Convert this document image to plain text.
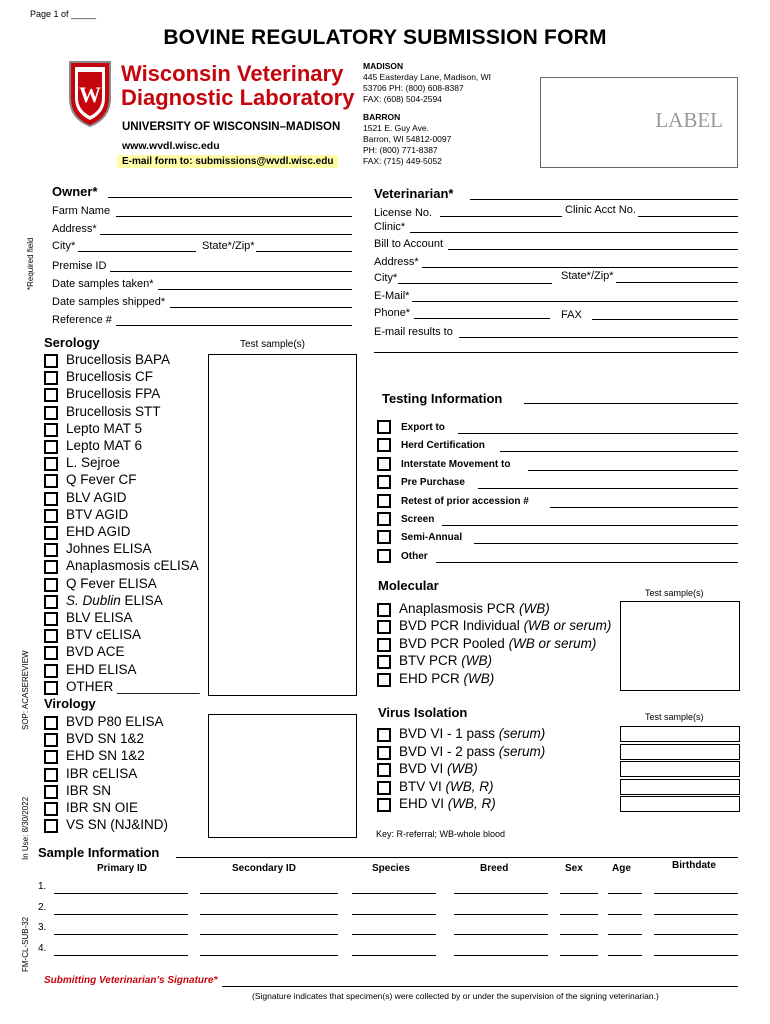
Page 1 of _____
BOVINE REGULATORY SUBMISSION FORM
W
Wisconsin Veterinary
Diagnostic Laboratory
UNIVERSITY OF WISCONSIN–MADISON
www.wvdl.wisc.edu
E-mail form to: submissions@wvdl.wisc.edu
MADISON
445 Easterday Lane, Madison, WI
53706 PH: (800) 608-8387
FAX: (608) 504-2594
BARRON
1521 E. Guy Ave.
Barron, WI 54812-0097
PH: (800) 771-8387
FAX: (715) 449-5052
LABEL
*Required field
SOP: ACASEREVIEW
In Use: 8/30/2022
FM-CL-SUB-32
Owner*
Farm Name
Address*
City*	State*/Zip*
Premise ID
Date samples taken*
Date samples shipped*
Reference #
Veterinarian*
License No.	Clinic Acct No.
Clinic*
Bill to Account
Address*
City*	State*/Zip*
E-Mail*
Phone*	FAX
E-mail results to
Serology	Test sample(s)
Brucellosis BAPA
Brucellosis CF
Brucellosis FPA
Brucellosis STT
Lepto MAT 5
Lepto MAT 6
L. Sejroe
Q Fever CF
BLV AGID
BTV AGID
EHD AGID
Johnes ELISA
Anaplasmosis cELISA
Q Fever ELISA
S. Dublin ELISA
BLV ELISA
BTV cELISA
BVD ACE
EHD ELISA
OTHER ___________
Virology
BVD P80 ELISA
BVD SN 1&2
EHD SN 1&2
IBR cELISA
IBR SN
IBR SN OIE
VS SN (NJ&IND)
Testing Information
Export to
Herd Certification
Interstate Movement to
Pre Purchase
Retest of prior accession #
Screen
Semi-Annual
Other
Molecular	Test sample(s)
Anaplasmosis PCR (WB)
BVD PCR Individual (WB or serum)
BVD PCR Pooled (WB or serum)
BTV PCR (WB)
EHD PCR (WB)
Virus Isolation	Test sample(s)
BVD VI - 1 pass (serum)
BVD VI - 2 pass (serum)
BVD VI (WB)
BTV VI (WB, R)
EHD VI (WB, R)
Key: R-referral; WB-whole blood
Sample Information
Primary ID	Secondary ID	Species	Breed	Sex	Age	Birthdate
1.
2.
3.
4.
Submitting Veterinarian’s Signature*
(Signature indicates that specimen(s) were collected by or under the supervision of the signing veterinarian.)
